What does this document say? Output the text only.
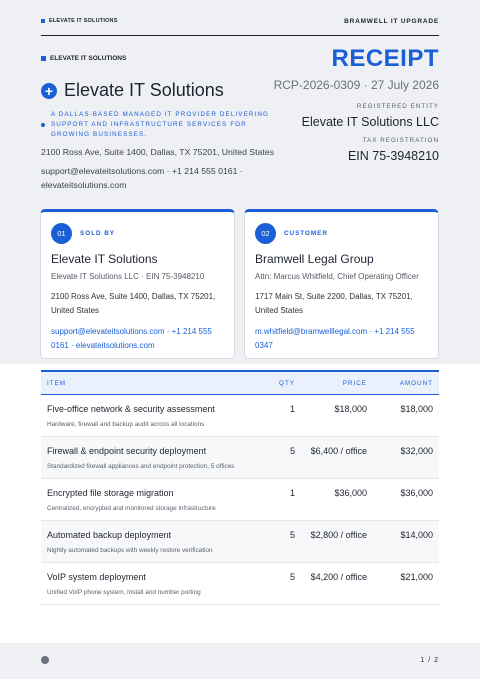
ELEVATE IT SOLUTIONS	BRAMWELL IT UPGRADE
ELEVATE IT SOLUTIONS
+ Elevate IT Solutions
A DALLAS-BASED MANAGED IT PROVIDER DELIVERING SUPPORT AND INFRASTRUCTURE SERVICES FOR GROWING BUSINESSES.
2100 Ross Ave, Suite 1400, Dallas, TX 75201, United States
support@elevateitsolutions.com · +1 214 555 0161 · elevateitsolutions.com
RECEIPT
RCP-2026-0309 · 27 July 2026
REGISTERED ENTITY
Elevate IT Solutions LLC
TAX REGISTRATION
EIN 75-3948210
01	SOLD BY
Elevate IT Solutions
Elevate IT Solutions LLC · EIN 75-3948210
2100 Ross Ave, Suite 1400, Dallas, TX 75201, United States
support@elevateitsolutions.com · +1 214 555 0161 · elevateitsolutions.com
02	CUSTOMER
Bramwell Legal Group
Attn: Marcus Whitfield, Chief Operating Officer
1717 Main St, Suite 2200, Dallas, TX 75201, United States
m.whitfield@bramwelllegal.com · +1 214 555 0347
ITEM	QTY	PRICE	AMOUNT
Five-office network & security assessment
Hardware, firewall and backup audit across all locations
1	$18,000	$18,000
Firewall & endpoint security deployment
Standardized firewall appliances and endpoint protection, 5 offices
5	$6,400 / office	$32,000
Encrypted file storage migration
Centralized, encrypted and monitored storage infrastructure
1	$36,000	$36,000
Automated backup deployment
Nightly automated backups with weekly restore verification
5	$2,800 / office	$14,000
VoIP system deployment
Unified VoIP phone system, install and number porting
5	$4,200 / office	$21,000
1 / 2
